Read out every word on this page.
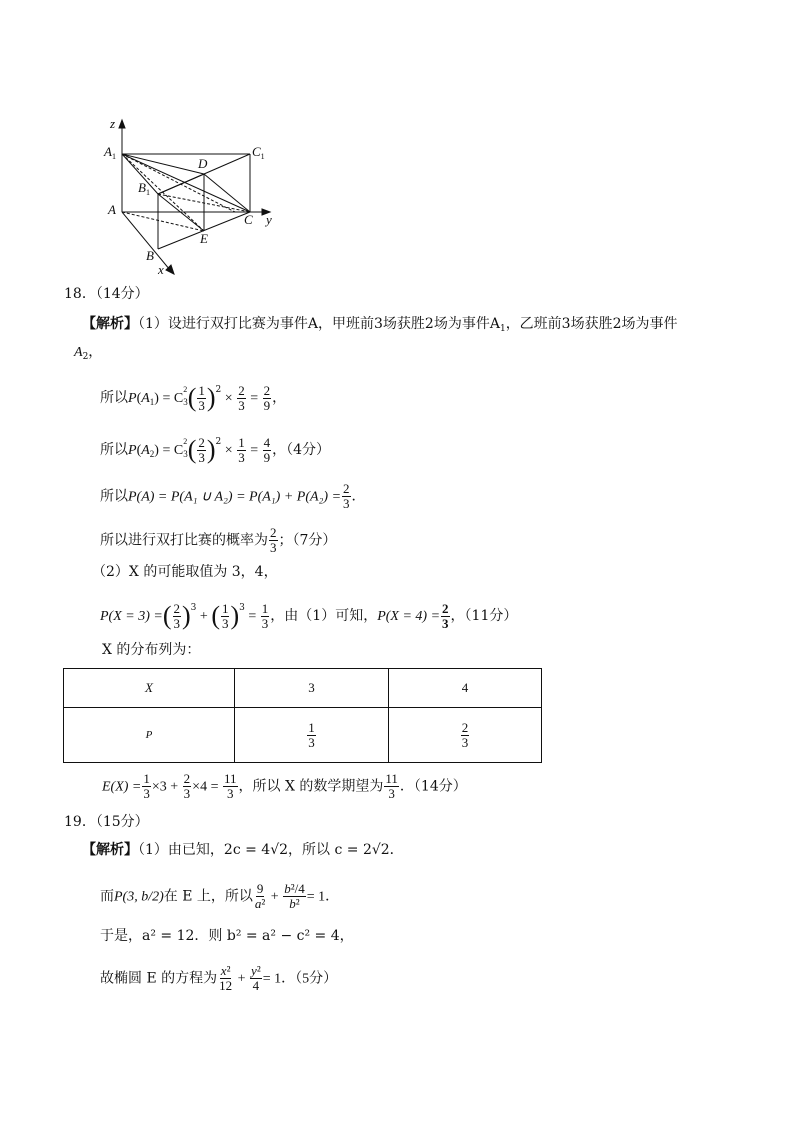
z
$A_1$	$C_1$
D
$B_1$
A
C y
E
B
x
18．（14分）
【解析】（1）设进行双打比赛为事件A，甲班前3场获胜2场为事件$A_1$，乙班前3场获胜2场为事件
$A_2$，
所以$P(A_1) = C^2_3( \frac{1}{3} )^2 \times \frac{2}{3} = \frac{2}{9}$ ，
所以$P(A_2) = C^2_3( \frac{2}{3} )^2 \times \frac{1}{3} = \frac{4}{9}$ ，（4分）
所以P(A) = P(A₁ ∪ $A_2) = P(A_1) + P(A_2) = \frac{2}{3}$ ．
所以进行双打比赛的概率为 $\frac{2}{3}$ ；（7分）
（2）X 的可能取值为 3，4，
P(X = 3) =( $\frac{2}{3} )^3$ + ( $\frac{1}{3} )^3 = \frac{1}{3}$ ，由（1）可知，$P(X = 4) = \frac{2}{3}$ ，（11分）
X 的分布列为：
X	3	4
P	$\frac{1}{3}$	$\frac{2}{3}$
$E(X) = \frac{1}{3} \times 3 + \frac{2}{3} \times 4 = \frac{11}{3}$ ，所以 X 的数学期望为 $\frac{11}{3}$ ．（14分）
19．（15分）
【解析】（1）由已知，2c = 4√2，所以 c = 2√2．
而P(3, b/2)在 E 上，所以 $\frac{9}{\text{a²}} + \frac{\text{b²/4}}{\text{b²}} = 1$．
于是，a² = 12．则 b² = a² − c² = 4，
故椭圆 E 的方程为 $\frac{\text{x²}}{12} + \frac{\text{y²}}{4} = 1$．（5分）
